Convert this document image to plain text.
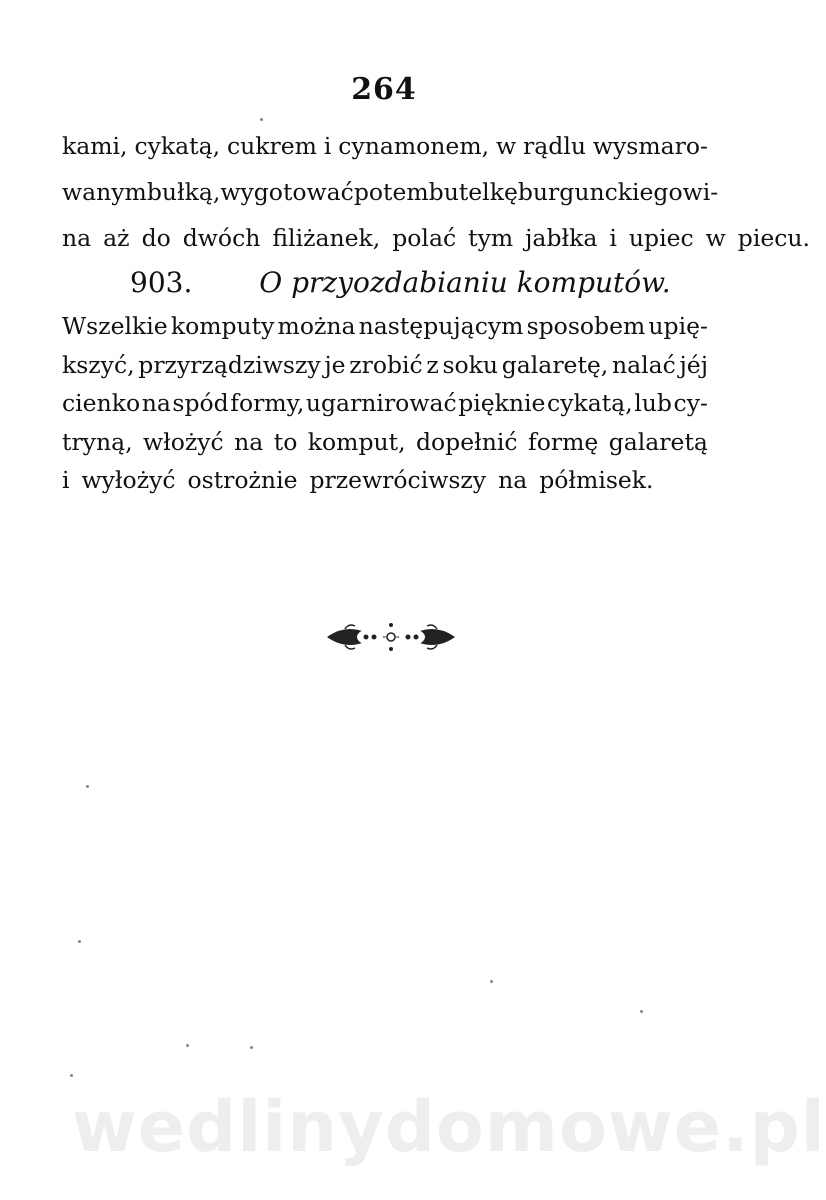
264
kami, cykatą, cukrem i cynamonem, w rądlu wysmaro-
wanym bułką, wygotować potem butelkę burgunckiego wi-
na aż do dwóch filiżanek, polać tym jabłka i upiec w piecu.
903. O przyozdabianiu komputów.
Wszelkie komputy można następującym sposobem upię-
kszyć, przyrządziwszy je zrobić z soku galaretę, nalać jéj
cienko na spód formy, ugarnirować pięknie cykatą, lub cy-
tryną, włożyć na to komput, dopełnić formę galaretą
i wyłożyć ostrożnie przewróciwszy na półmisek.
wedlinydomowe.pl
